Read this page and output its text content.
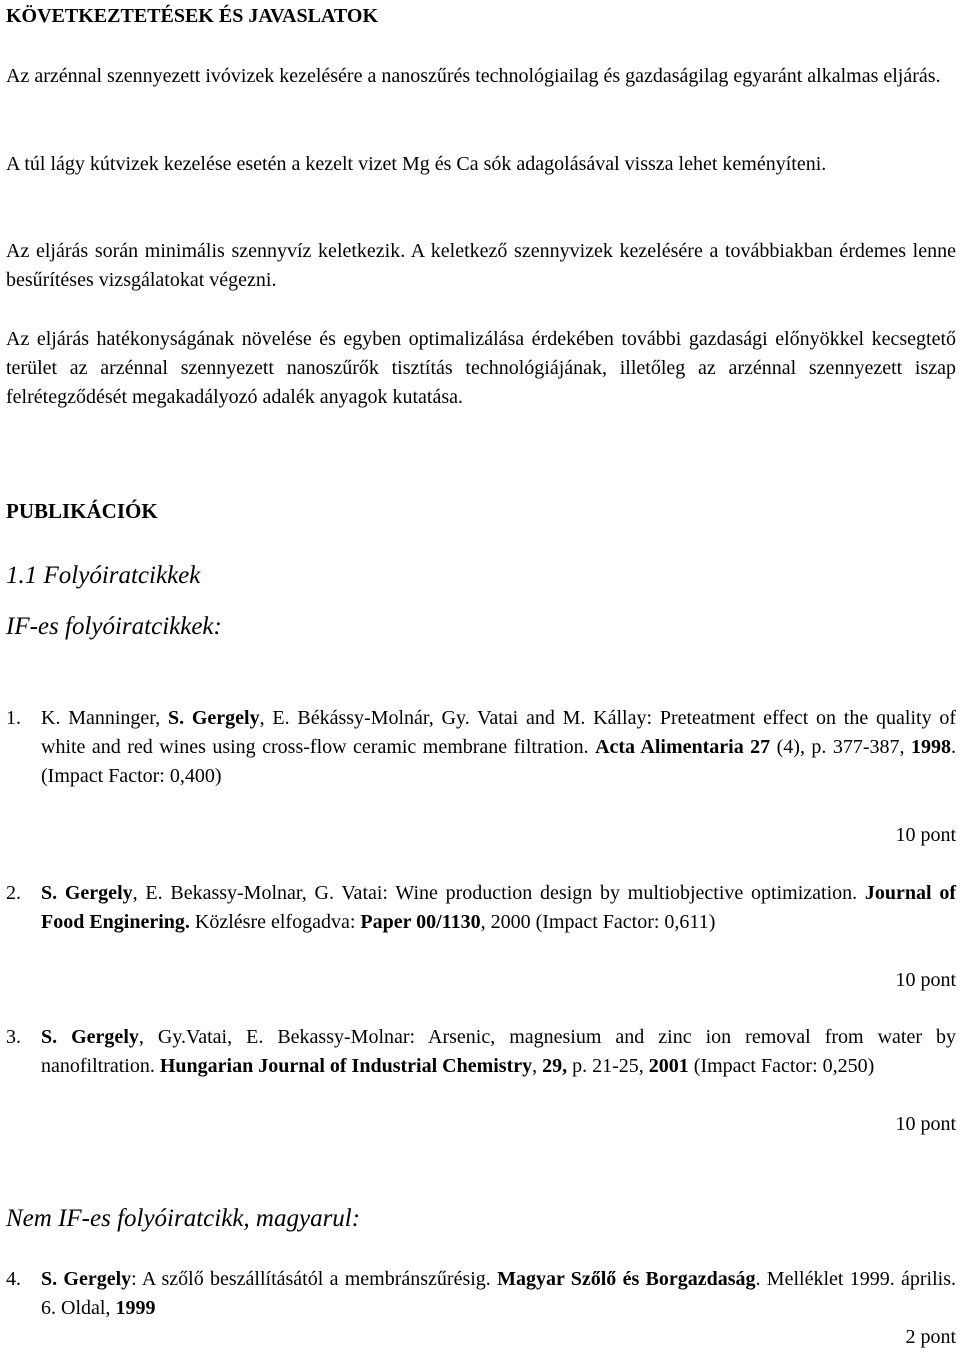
KÖVETKEZTETÉSEK ÉS JAVASLATOK
Az arzénnal szennyezett ivóvizek kezelésére a nanoszűrés technológiailag és gazdaságilag egyaránt alkalmas eljárás.
A túl lágy kútvizek kezelése esetén a kezelt vizet Mg és Ca sók adagolásával vissza lehet keményíteni.
Az eljárás során minimális szennyvíz keletkezik. A keletkező szennyvizek kezelésére a továbbiakban érdemes lenne besűrítéses vizsgálatokat végezni.
Az eljárás hatékonyságának növelése és egyben optimalizálása érdekében további gazdasági előnyökkel kecsegtető terület az arzénnal szennyezett nanoszűrők tisztítás technológiájának, illetőleg az arzénnal szennyezett iszap felrétegződését megakadályozó adalék anyagok kutatása.
PUBLIKÁCIÓK
1.1 Folyóiratcikkek
IF-es folyóiratcikkek:
1. K. Manninger, S. Gergely, E. Békássy-Molnár, Gy. Vatai and M. Kállay: Preteatment effect on the quality of white and red wines using cross-flow ceramic membrane filtration. Acta Alimentaria 27 (4), p. 377-387, 1998. (Impact Factor: 0,400)
10 pont
2. S. Gergely, E. Bekassy-Molnar, G. Vatai: Wine production design by multiobjective optimization. Journal of Food Enginering. Közlésre elfogadva: Paper 00/1130, 2000 (Impact Factor: 0,611)
10 pont
3. S. Gergely, Gy.Vatai, E. Bekassy-Molnar: Arsenic, magnesium and zinc ion removal from water by nanofiltration. Hungarian Journal of Industrial Chemistry, 29, p. 21-25, 2001 (Impact Factor: 0,250)
10 pont
Nem IF-es folyóiratcikk, magyarul:
4. S. Gergely: A szőlő beszállításától a membránszűrésig. Magyar Szőlő és Borgazdaság. Melléklet 1999. április. 6. Oldal, 1999
2 pont
